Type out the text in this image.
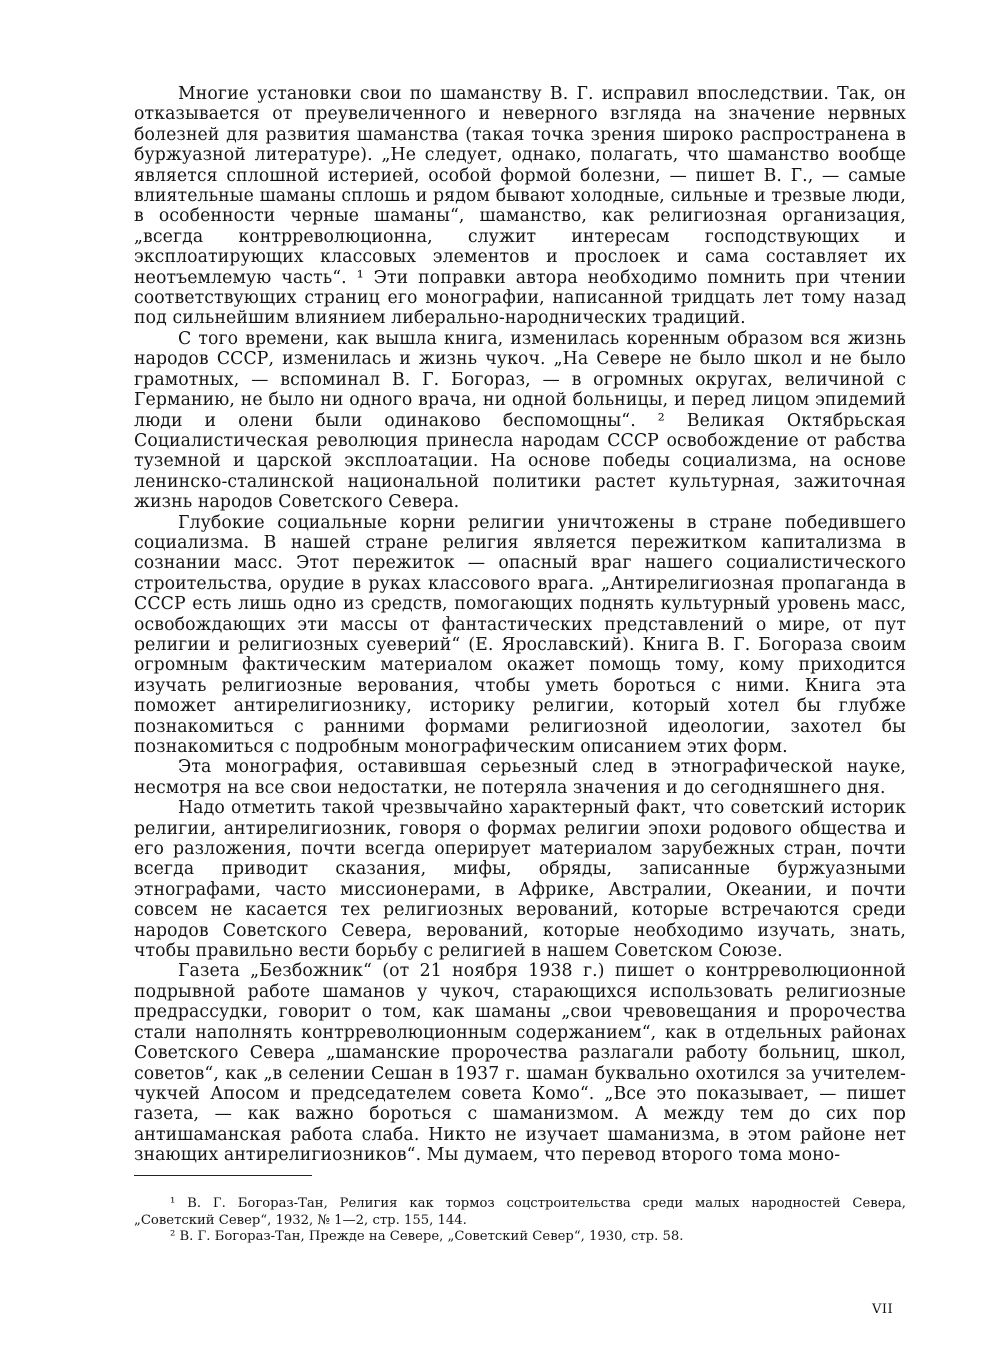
Многие установки свои по шаманству В. Г. исправил впоследствии. Так, он отказывается от преувеличенного и неверного взгляда на значение нервных болезней для развития шаманства (такая точка зрения широко распространена в буржуазной литературе). „Не следует, однако, полагать, что шаманство вообще является сплошной истерией, особой формой болезни, — пишет В. Г., — самые влиятельные шаманы сплошь и рядом бывают холодные, сильные и трезвые люди, в особенности черные шаманы“, шаманство, как религиозная организация, „всегда контрреволюционна, служит интересам господствующих и эксплоатирующих классовых элементов и прослоек и сама составляет их неотъемлемую часть“. ¹ Эти поправки автора необходимо помнить при чтении соответствующих страниц его монографии, написанной тридцать лет тому назад под сильнейшим влиянием либерально-народнических традиций.

С того времени, как вышла книга, изменилась коренным образом вся жизнь народов СССР, изменилась и жизнь чукоч. „На Севере не было школ и не было грамотных, — вспоминал В. Г. Богораз, — в огромных округах, величиной с Германию, не было ни одного врача, ни одной больницы, и перед лицом эпидемий люди и олени были одинаково беспомощны“. ² Великая Октябрьская Социалистическая революция принесла народам СССР освобождение от рабства туземной и царской эксплоатации. На основе победы социализма, на основе ленинско-сталинской национальной политики растет культурная, зажиточная жизнь народов Советского Севера.

Глубокие социальные корни религии уничтожены в стране победившего социализма. В нашей стране религия является пережитком капитализма в сознании масс. Этот пережиток — опасный враг нашего социалистического строительства, орудие в руках классового врага. „Антирелигиозная пропаганда в СССР есть лишь одно из средств, помогающих поднять культурный уровень масс, освобождающих эти массы от фантастических представлений о мире, от пут религии и религиозных суеверий“ (Е. Ярославский). Книга В. Г. Богораза своим огромным фактическим материалом окажет помощь тому, кому приходится изучать религиозные верования, чтобы уметь бороться с ними. Книга эта поможет антирелигиознику, историку религии, который хотел бы глубже познакомиться с ранними формами религиозной идеологии, захотел бы познакомиться с подробным монографическим описанием этих форм.

Эта монография, оставившая серьезный след в этнографической науке, несмотря на все свои недостатки, не потеряла значения и до сегодняшнего дня.

Надо отметить такой чрезвычайно характерный факт, что советский историк религии, антирелигиозник, говоря о формах религии эпохи родового общества и его разложения, почти всегда оперирует материалом зарубежных стран, почти всегда приводит сказания, мифы, обряды, записанные буржуазными этнографами, часто миссионерами, в Африке, Австралии, Океании, и почти совсем не касается тех религиозных верований, которые встречаются среди народов Советского Севера, верований, которые необходимо изучать, знать, чтобы правильно вести борьбу с религией в нашем Советском Союзе.

Газета „Безбожник“ (от 21 ноября 1938 г.) пишет о контрреволюционной подрывной работе шаманов у чукоч, старающихся использовать религиозные предрассудки, говорит о том, как шаманы „свои чревовещания и пророчества стали наполнять контрреволюционным содержанием“, как в отдельных районах Советского Севера „шаманские пророчества разлагали работу больниц, школ, советов“, как „в селении Сешан в 1937 г. шаман буквально охотился за учителем-чукчей Апосом и председателем совета Комо“. „Все это показывает, — пишет газета, — как важно бороться с шаманизмом. А между тем до сих пор антишаманская работа слаба. Никто не изучает шаманизма, в этом районе нет знающих антирелигиозников“. Мы думаем, что перевод второго тома моно-

¹ В. Г. Богораз-Тан, Религия как тормоз соцстроительства среди малых народностей Севера, „Советский Север“, 1932, № 1—2, стр. 155, 144.

² В. Г. Богораз-Тан, Прежде на Севере, „Советский Север“, 1930, стр. 58.

VII
